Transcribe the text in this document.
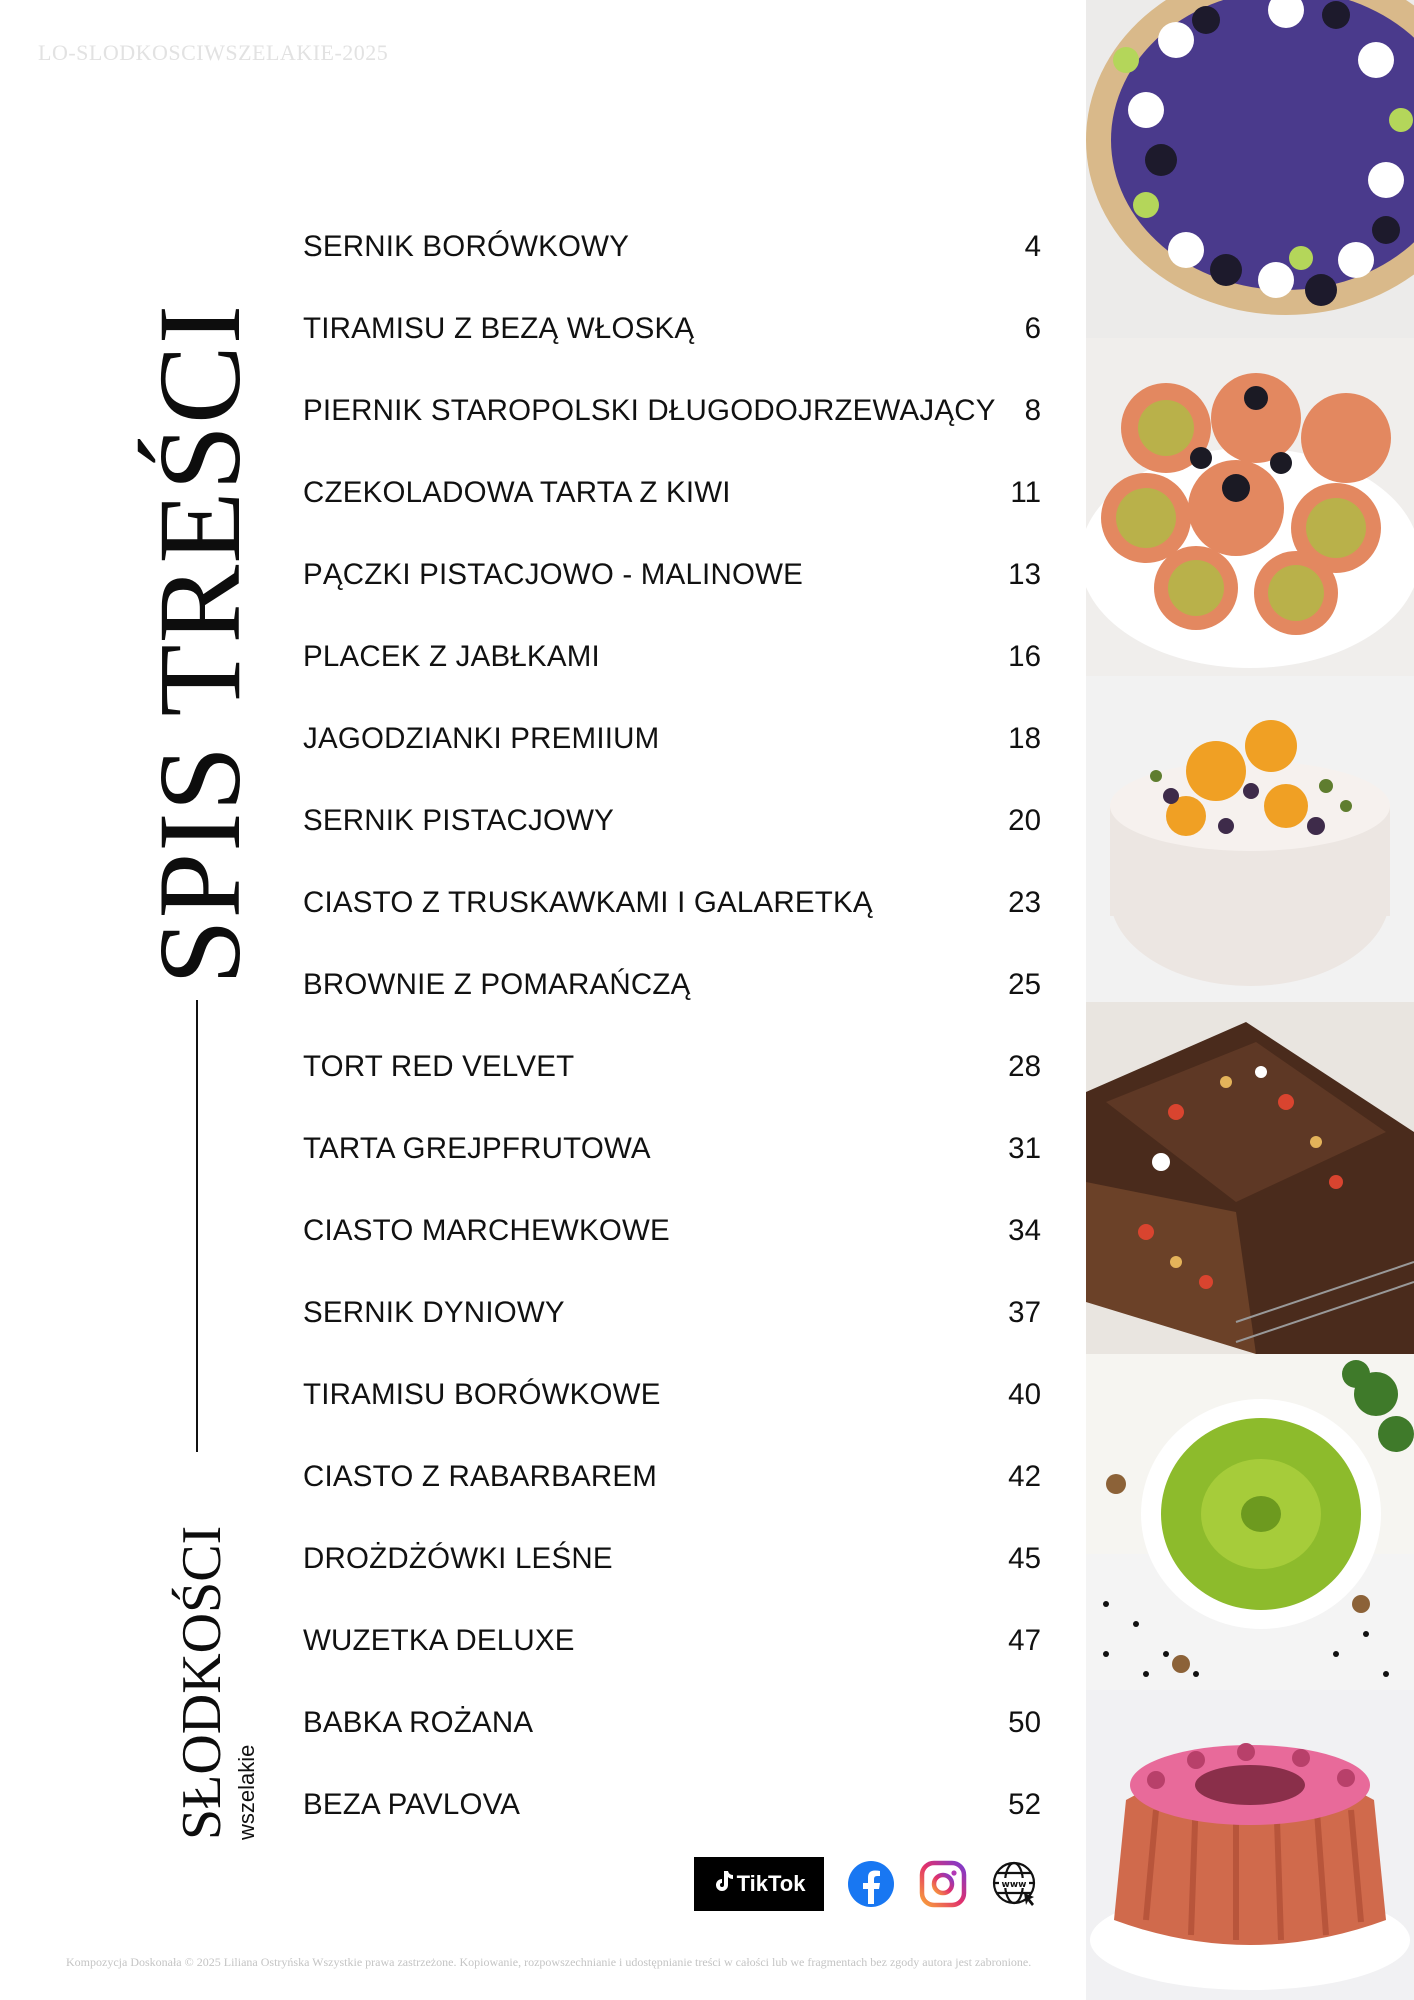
LO-SLODKOSCIWSZELAKIE-2025
SPIS TREŚCI
SŁODKOŚCI wszelakie
SERNIK BORÓWKOWY	4
TIRAMISU Z BEZĄ WŁOSKĄ	6
PIERNIK STAROPOLSKI DŁUGODOJRZEWAJĄCY 8
CZEKOLADOWA TARTA Z KIWI	11
PĄCZKI PISTACJOWO - MALINOWE	13
PLACEK Z JABŁKAMI	16
JAGODZIANKI PREMIIUM	18
SERNIK PISTACJOWY	20
CIASTO Z TRUSKAWKAMI I GALARETKĄ	23
BROWNIE Z POMARAŃCZĄ	25
TORT RED VELVET	28
TARTA GREJPFRUTOWA	31
CIASTO MARCHEWKOWE	34
SERNIK DYNIOWY	37
TIRAMISU BORÓWKOWE	40
CIASTO Z RABARBAREM	42
DROŻDŻÓWKI LEŚNE	45
WUZETKA DELUXE	47
BABKA ROŻANA	50
BEZA PAVLOVA	52
TikTok	www
Kompozycja Doskonała © 2025 Liliana Ostryńska Wszystkie prawa zastrzeżone. Kopiowanie, rozpowszechnianie i udostępnianie treści w całości lub we fragmentach bez zgody autora jest zabronione.
